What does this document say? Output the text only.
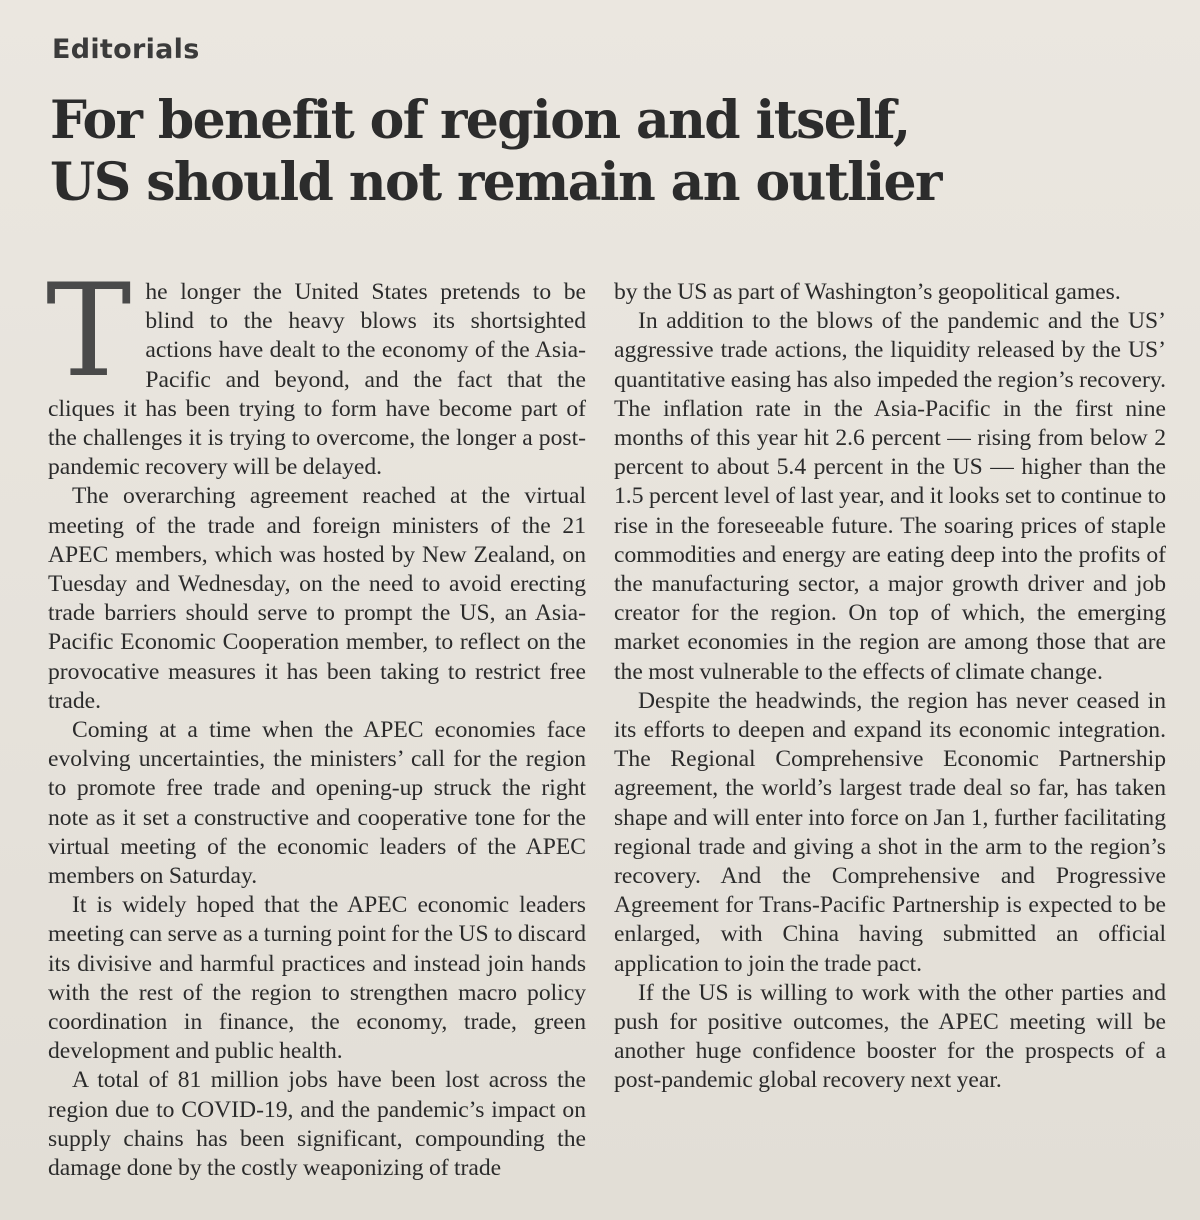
Editorials
For benefit of region and itself,
US should not remain an outlier
T he longer the United States pretends to be blind to the heavy blows its shortsighted actions have dealt to the economy of the Asia-Pacific and beyond, and the fact that the cliques it has been trying to form have become part of the challenges it is trying to overcome, the longer a post-pandemic recovery will be delayed.

The overarching agreement reached at the virtual meeting of the trade and foreign ministers of the 21 APEC members, which was hosted by New Zealand, on Tuesday and Wednesday, on the need to avoid erecting trade barriers should serve to prompt the US, an Asia-Pacific Economic Cooperation member, to reflect on the provocative measures it has been taking to restrict free trade.

Coming at a time when the APEC economies face evolving uncertainties, the ministers’ call for the region to promote free trade and opening-up struck the right note as it set a constructive and cooperative tone for the virtual meeting of the economic leaders of the APEC members on Saturday.

It is widely hoped that the APEC economic leaders meeting can serve as a turning point for the US to discard its divisive and harmful practices and instead join hands with the rest of the region to strengthen macro policy coordination in finance, the economy, trade, green development and public health.

A total of 81 million jobs have been lost across the region due to COVID-19, and the pandemic’s impact on supply chains has been significant, compounding the damage done by the costly weaponizing of trade

by the US as part of Washington’s geopolitical games.

In addition to the blows of the pandemic and the US’ aggressive trade actions, the liquidity released by the US’ quantitative easing has also impeded the region’s recovery. The inflation rate in the Asia-Pacific in the first nine months of this year hit 2.6 percent — rising from below 2 percent to about 5.4 percent in the US — higher than the 1.5 percent level of last year, and it looks set to continue to rise in the foreseeable future. The soaring prices of staple commodities and energy are eating deep into the profits of the manufacturing sector, a major growth driver and job creator for the region. On top of which, the emerging market economies in the region are among those that are the most vulnerable to the effects of climate change.

Despite the headwinds, the region has never ceased in its efforts to deepen and expand its economic integration. The Regional Comprehensive Economic Partnership agreement, the world’s largest trade deal so far, has taken shape and will enter into force on Jan 1, further facilitating regional trade and giving a shot in the arm to the region’s recovery. And the Comprehensive and Progressive Agreement for Trans-Pacific Partnership is expected to be enlarged, with China having submitted an official application to join the trade pact.

If the US is willing to work with the other parties and push for positive outcomes, the APEC meeting will be another huge confidence booster for the prospects of a post-pandemic global recovery next year.
